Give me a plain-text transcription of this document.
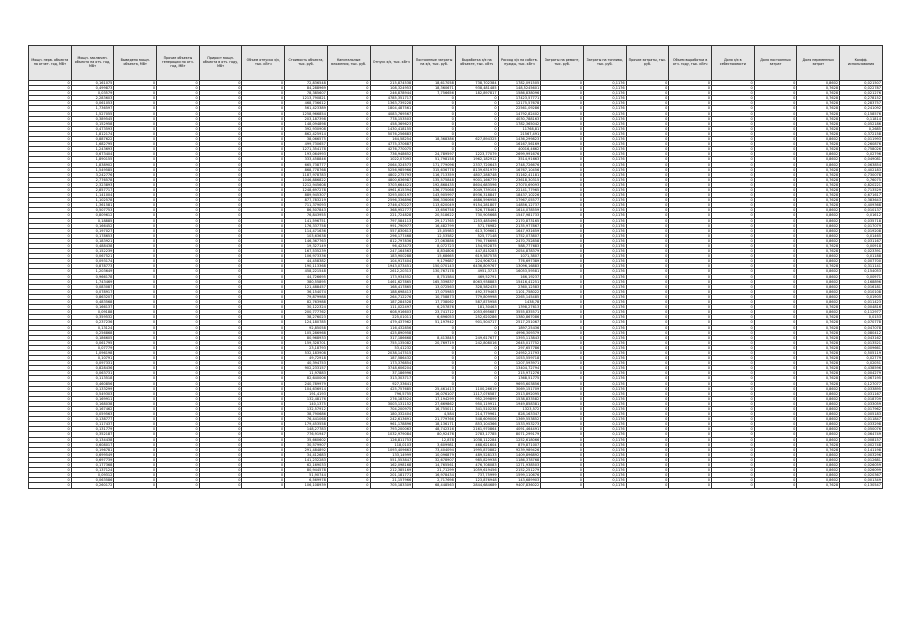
Мощн. перв. объекта на отчет. год, МВт	Мощн. заключен. объекта на отч. год, МВт	Выведено мощн. объекта, МВт	Прочие объекты генерации по отч. год, МВт	Прирост мощн. объекта в отч. году, МВт	Объем отпуска э/э, тыс. кВтч	Стоимость объекта, тыс. руб.	Капитальные вложения, тыс. руб.	Отпуск э/э, тыс. кВтч	Постоянные затраты на э/э, тыс. руб.	Выработка э/э на объекте, тыс. кВтч	Расход э/э на собств. нужды, тыс. кВтч	Затраты на ремонт, тыс. руб.	Затраты на топливо, тыс. руб.	Прочие затраты, тыс. руб.	Объем выработки в отч. году, тыс. кВтч	Доля э/э в себестоимости	Доля постоянных затрат	Доля переменных затрат	Коэфф. использования
0	0,161075	0	0	0	0	72,836548	0	215,874538	18,617058	738,702384	1782,091505	0	0,1176	0	0	0	0	0,8602	0,021507
0	0,499873	0	0	0	0	84,288969	0	108,324953	18,360671	938,481485	148,5245601	0	0,1176	0	0	0	0	0,7628	0,022787
0	0,03579	0	0	0	0	78,385607	0	246,878944	7,756656	182,897817	1586,838096	0	0,1176	0	0	0	0	0,7628	0,021276
0	2,283603	0	0	0	0	1213,790821	0	4785,351717	0	0	17423,57771	0	0,1176	0	0	0	0	0,7628	0,278152
0	0,061053	0	0	0	0	468,736612	0	1363,739228	0	0	12175,57678	0	0,1176	0	0	0	0	0,7628	0,283757
0	1,736597	0	0	0	0	561,423389	0	1804,487561	0	0	22561,09286	0	0,1176	0	0	0	0	0,7628	0,241092
0	1,527055	0	0	0	0	1258,966854	0	4083,769567	0	0	14792,82402	0	0,1176	0	0	0	0	0,7628	0,158576
0	0,389545	0	0	0	0	203,187398	0	778,153503	0	0	4030,788163	0	0,1176	0	0	0	0	0,7628	0,11814
0	0,152958	0	0	0	0	148,094898	0	458,369623	0	0	1782,365042	0	0,1176	0	0	0	0	0,7628	0,052186
0	0,473593	0	0	0	0	392,930908	0	1430,418155	0	0	11768,81	0	0,1176	0	0	0	0	0,7628	0,2685
0	1,812174	0	0	0	0	862,425914	0	5076,256683	0	0	21567,491	0	0,1176	0	0	0	0	0,7628	0,372158
0	0,887622	0	0	0	0	38,066575	0	164,58254	18,368386	627,894325	1436,299823	0	0,1176	0	0	0	0	0,8602	0,011993
0	1,682795	0	0	0	0	499,730657	0	4775,370687	0	0	16167,56169	0	0,1176	0	0	0	0	0,7628	0,260876
0	1,243693	0	0	0	0	1271,354178	0	4276,770075	0	0	40016,4662	0	0,1176	0	0	0	0	0,7628	0,758026
0	0,673404	0	0	0	0	193,064993	0	736,948652	24,789597	1223,77079	2699,991676	0	0,1176	0	0	0	0	0,8602	0,02796
0	1,890155	0	0	0	0	333,458846	0	1022,07093	51,798158	1962,182912	3514,91663	0	0,1176	0	0	0	0	0,8602	0,049081
0	1,838902	0	0	0	0	665,738777	0	2064,324573	171,779096	2337,720643	2748,726676	0	0,1176	0	0	0	0	0,8602	0,063854
0	1,549585	0	0	0	0	868,778768	0	5256,985966	315,636778	8139,631979	16767,10456	0	0,1176	0	0	0	0	0,7628	0,402183
0	3,242776	0	0	0	0	1187,978783	0	4802,275793	116,713359	4807,288748	31162,41181	0	0,1176	0	0	0	0	0,7628	0,730078
0	2,776578	0	0	0	0	1046,886822	0	4800,636987	135,575848	9001,166779	23618,30315	0	0,1176	0	0	0	0	0,7628	0,76075
0	2,323893	0	0	0	0	1212,945608	0	3703,664421	192,868435	8604,683596	27070,69093	0	0,1176	0	0	0	0	0,7628	0,820221
0	2,857717	0	0	0	0	1248,697278	0	4961,615394	136,775068	3049,739104	22141,77965	0	0,1176	0	0	0	0	0,7628	0,713529
0	1,141004	0	0	0	0	889,945307	0	3293,000197	143,905997	8936,318847	18437,10226	0	0,1176	0	0	0	0	0,7628	0,671617
0	1,102578	0	0	0	0	877,783219	0	2596,336896	306,336066	4686,596958	17967,05577	0	0,1176	0	0	0	0	0,7628	0,383643
0	1,361581	0	0	0	0	711,379093	0	2746,470227	113,620049	9154,281807	14856,12737	0	0,1176	0	0	0	0	0,7628	0,409368
0	0,507753	0	0	0	0	86,507843	0	368,952777	13,656758	526,778461	1614,078559	0	0,1176	0	0	0	0	0,8602	0,010137
0	0,809612	0	0	0	0	76,843955	0	221,724828	20,518622	730,905668	1547,981733	0	0,1176	0	0	0	0	0,8602	0,01612
0	0,18885	0	0	0	0	141,596751	0	797,584113	29,171765	1253,485496	2170,873165	0	0,1176	0	0	0	0	0,8602	0,035718
0	0,166452	0	0	0	0	176,337758	0	991,790977	16,482799	571,76982	2135,977867	0	0,1176	0	0	0	0	0,8602	0,017079
0	0,197027	0	0	0	0	114,471636	0	557,830613	15,05983	613,709661	1647,931659	0	0,1176	0	0	0	0	0,8602	0,019208
0	0,178653	0	0	0	0	103,63638	0	296,177468	12,53582	525,77148	1752,073807	0	0,1176	0	0	0	0	0,8602	0,01465
0	0,183921	0	0	0	0	146,367763	0	812,797836	27,063886	790,776698	2470,752858	0	0,1176	0	0	0	0	0,8602	0,031167
0	0,488438	0	0	0	0	19,327149	0	96,423473	8,072723	154,952875	588,777683	0	0,1176	0	0	0	0	0,7628	0,00918
0	0,152239	0	0	0	0	167,535239	0	247,164563	8,834806	447,815283	2054,878379	0	0,1176	0	0	0	0	0,7628	0,023391
0	0,067521	0	0	0	0	106,973336	0	183,900288	15,68665	619,587578	1071,3807	0	0,1176	0	0	0	0	0,8602	0,01188
0	0,093174	0	0	0	0	44,458382	0	104,917404	9,179687	224,906724	776,697389	0	0,1176	0	0	0	0	0,8602	0,007700
0	0,878773	0	0	0	0	190,113368	0	1943,073451	150,070143	6436,809767	13096,16883	0	0,1176	0	0	0	0	0,7628	0,311141
0	1,203649	0	0	0	0	458,221548	0	2612,20313	130,767178	4951,3713	16053,59581	0	0,1176	0	0	0	0	0,8602	0,154053
0	0,966178	0	0	0	0	44,726695	0	173,934552	8,751584	469,52791	166,19237	0	0,1176	0	0	0	0	0,8602	0,00971
0	1,743469	0	0	0	0	380,55895	0	1461,627865	165,339837	8063,938883	15416,41251	0	0,1176	0	0	0	0	0,8602	0,168896
0	0,083087	0	0	0	0	121,488457	0	168,417865	13,072563	328,582435	2360,12583	0	0,1176	0	0	0	0	0,8602	0,016181
0	0,078917	0	0	0	0	36,154074	0	188,698413	17,075983	492,379463	1101,758022	0	0,1176	0	0	0	0	0,8602	0,010108
0	0,863207	0	0	0	0	79,879988	0	264,712276	10,758873	779,809998	2265,145485	0	0,1176	0	0	0	0	0,8602	0,01905
0	0,483568	0	0	0	0	82,763988	0	187,284528	17,738062	587,875958	1438,78	0	0,1176	0	0	0	0	0,8602	0,011423
0	0,166137	0	0	0	0	30,122324	0	111,022497	6,257876	181,30463	1398,27613	0	0,1176	0	0	0	0	0,7628	0,004816
0	0,09188	0	0	0	0	200,777762	0	608,916603	23,741712	1053,695687	3555,835571	0	0,1176	0	0	0	0	0,8602	0,112977
0	0,359532	0	0	0	0	38,276023	0	225,01011	6,696053	252,620286	1380,867086	0	0,1176	0	0	0	0	0,7628	0,0153
0	0,237236	0	0	0	0	124,180785	0	479,437962	51,197942	901,504717	2517,251067	0	0,1176	0	0	0	0	0,7628	0,070778
0	0,13124	0	0	0	0	92,85058	0	116,432856	0	0	1897,25436	0	0,1176	0	0	0	0	0,7628	0,047078
0	0,256868	0	0	0	0	105,286968	0	425,890958	0	0	4996,309379	0	0,1176	0	0	0	0	0,7628	0,080412
0	0,186605	0	0	0	0	80,968933	0	317,186668	8,413845	249,617677	1393,113843	0	0,1176	0	0	0	0	0,7628	0,043162
0	0,061795	0	0	0	0	159,328701	0	755,135082	20,769719	242,808016	2645,017752	0	0,1176	0	0	0	0	0,7628	0,013521
0	0,07779	0	0	0	0	23,18793	0	53,41232	0	0	297,657786	0	0,1176	0	0	0	0	0,7628	0,009661
0	1,096198	0	0	0	0	532,183908	0	2038,147515	0	0	24952,21793	0	0,1176	0	0	0	0	0,7628	0,505119
0	0,10791	0	0	0	0	49,72918	0	187,586432	0	0	1053,559718	0	0,1176	0	0	0	0	0,7628	0,02779
0	0,097331	0	0	0	0	40,394753	0	173,376854	0	0	1207,593971	0	0,1176	0	0	0	0	0,7628	0,02051
0	0,828436	0	0	0	0	902,233157	0	3748,606204	0	0	13404,72794	0	0,1176	0	0	0	0	0,7628	0,438596
0	0,063731	0	0	0	0	11,97883	0	37,186996	0	0	215,971276	0	0,1176	0	0	0	0	0,7628	0,004279
0	0,113518	0	0	0	0	82,640006	0	313,303717	0	0	1368,51775	0	0,1176	0	0	0	0	0,7628	0,067195
0	0,460856	0	0	0	0	240,789979	0	927,33641	0	0	9693,603856	0	0,1176	0	0	0	0	0,7628	0,127077
0	0,133299	0	0	0	0	104,636914	0	425,757685	25,461413	1100,26619	3069,151709	0	0,1176	0	0	0	0	0,8602	0,033895
0	0,549303	0	0	0	0	191,4193	0	796,5755	16,076107	1117,076587	2513,892095	0	0,1176	0	0	0	0	0,8602	0,031167
0	0,169911	0	0	0	0	132,48176	0	276,183524	17,194299	952,299899	1538,833582	0	0,1176	0	0	0	0	0,8602	0,018709
0	0,168038	0	0	0	0	140,1375	0	3003,131152	27,669862	950,119911	1949,858381	0	0,1176	0	0	0	0	0,8602	0,033059
0	0,167462	0	0	0	0	132,57912	0	704,200975	16,755011	341,510238	1323,572	0	0,1176	0	0	0	0	0,8602	0,017962
0	0,059563	0	0	0	0	38,790686	0	180,332404	4,584	214,779961	828,163347	0	0,1176	0	0	0	0	0,8602	0,005183
0	0,138777	0	0	0	0	76,441068	0	242,613691	21,779766	548,609006	1369,553852	0	0,1176	0	0	0	0	0,8602	0,011847
0	0,117437	0	0	0	0	179,453558	0	961,178896	18,136171	853,104366	1533,953273	0	0,1176	0	0	0	0	0,8602	0,033298
0	0,131779	0	0	0	0	148,27783	0	793,200063	48,742316	2161,970864	4091,464491	0	0,1176	0	0	0	0	0,8602	0,050076
0	0,352187	0	0	0	0	776,91947	0	1032,979084	80,92476	2783,17785	8071,299179	0	0,1176	0	0	0	0	0,8602	0,064749
0	0,134438	0	0	0	0	35,660602	0	126,811753	12,878	1038,112284	1252,618066	0	0,1176	0	0	0	0	0,8602	0,008157
0	0,608017	0	0	0	0	30,579907	0	118,0103	3,609981	468,621604	879,871007	0	0,1176	0	0	0	0	0,7628	0,002748
0	0,196781	0	0	0	0	291,484892	0	1093,409663	73,404094	1995,870882	9239,989426	0	0,1176	0	0	0	0	0,7628	0,141198
0	0,699549	0	0	0	0	34,412683	0	133,14999	10,096879	489,528133	1409,896892	0	0,1176	0	0	0	0	0,8602	0,003296
0	0,697739	0	0	0	0	141,232283	0	551,553847	32,678907	985,829938	1186,378768	0	0,1176	0	0	0	0	0,8602	0,012681
0	0,177368	0	0	0	0	62,169033	0	162,098168	14,765561	476,708083	1271,938503	0	0,1176	0	0	0	0	0,8602	0,026059
0	0,137124	0	0	0	0	80,944578	0	212,385169	21,71299	1059,619456	2152,251279	0	0,1176	0	0	0	0	0,8602	0,026099
0	0,09312	0	0	0	0	51,90744	0	201,181771	16,978434	737,75999	1599,110676	0	0,1176	0	0	0	0	0,8602	0,020367
0	0,063586	0	0	0	0	6,569978	0	21,157966	2,717698	123,876948	143,689903	0	0,1176	0	0	0	0	0,8602	0,001349
0	0,260172	0	0	0	0	106,108939	0	705,183309	68,448563	2844,684689	9407,836022	0	0,1176	0	0	0	0	0,7628	0,130547
